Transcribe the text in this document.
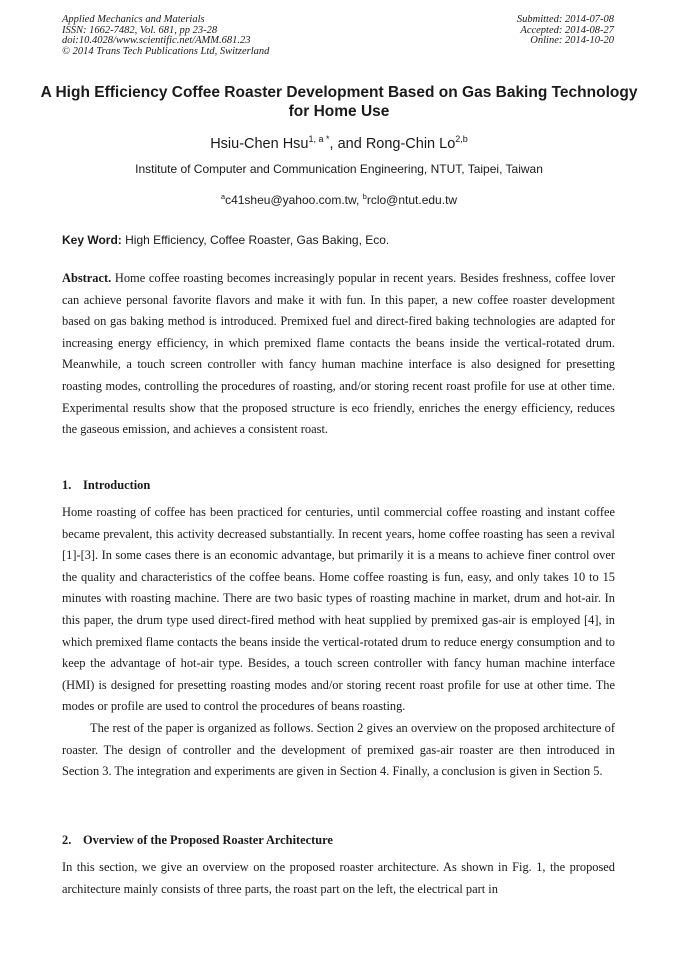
Applied Mechanics and Materials
ISSN: 1662-7482, Vol. 681, pp 23-28
doi:10.4028/www.scientific.net/AMM.681.23
© 2014 Trans Tech Publications Ltd, Switzerland
Submitted: 2014-07-08
Accepted: 2014-08-27
Online: 2014-10-20
A High Efficiency Coffee Roaster Development Based on Gas Baking Technology for Home Use
Hsiu-Chen Hsu$^{1, a *}$, and Rong-Chin Lo$^{2,b}$
Institute of Computer and Communication Engineering, NTUT, Taipei, Taiwan
$^a$c41sheu@yahoo.com.tw, $^b$rclo@ntut.edu.tw
Key Word: High Efficiency, Coffee Roaster, Gas Baking, Eco.
Abstract. Home coffee roasting becomes increasingly popular in recent years. Besides freshness, coffee lover can achieve personal favorite flavors and make it with fun. In this paper, a new coffee roaster development based on gas baking method is introduced. Premixed fuel and direct-fired baking technologies are adapted for increasing energy efficiency, in which premixed flame contacts the beans inside the vertical-rotated drum. Meanwhile, a touch screen controller with fancy human machine interface is also designed for presetting roasting modes, controlling the procedures of roasting, and/or storing recent roast profile for use at other time. Experimental results show that the proposed structure is eco friendly, enriches the energy efficiency, reduces the gaseous emission, and achieves a consistent roast.
1. Introduction
Home roasting of coffee has been practiced for centuries, until commercial coffee roasting and instant coffee became prevalent, this activity decreased substantially. In recent years, home coffee roasting has seen a revival [1]-[3]. In some cases there is an economic advantage, but primarily it is a means to achieve finer control over the quality and characteristics of the coffee beans. Home coffee roasting is fun, easy, and only takes 10 to 15 minutes with roasting machine. There are two basic types of roasting machine in market, drum and hot-air. In this paper, the drum type used direct-fired method with heat supplied by premixed gas-air is employed [4], in which premixed flame contacts the beans inside the vertical-rotated drum to reduce energy consumption and to keep the advantage of hot-air type. Besides, a touch screen controller with fancy human machine interface (HMI) is designed for presetting roasting modes and/or storing recent roast profile for use at other time. The modes or profile are used to control the procedures of beans roasting.
The rest of the paper is organized as follows. Section 2 gives an overview on the proposed architecture of roaster. The design of controller and the development of premixed gas-air roaster are then introduced in Section 3. The integration and experiments are given in Section 4. Finally, a conclusion is given in Section 5.
2. Overview of the Proposed Roaster Architecture
In this section, we give an overview on the proposed roaster architecture. As shown in Fig. 1, the proposed architecture mainly consists of three parts, the roast part on the left, the electrical part in
